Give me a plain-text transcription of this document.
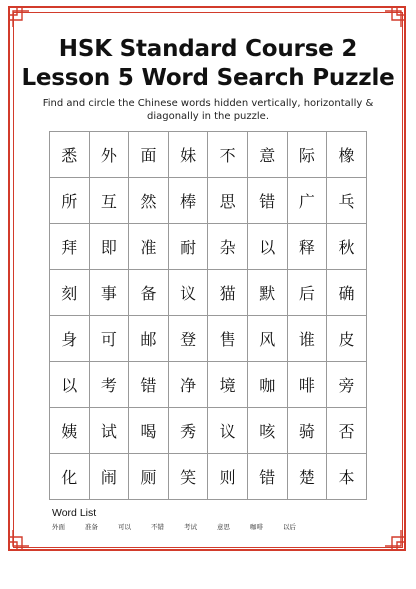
HSK Standard Course 2
Lesson 5 Word Search Puzzle
Find and circle the Chinese words hidden vertically, horizontally & diagonally in the puzzle.
悉	外	面	妹	不	意	际	橡
所	互	然	棒	思	错	广	乓
拜	即	准	耐	杂	以	释	秋
刻	事	备	议	猫	默	后	确
身	可	邮	登	售	风	谁	皮
以	考	错	净	境	咖	啡	旁
姨	试	喝	秀	议	咳	骑	否
化	闹	厕	笑	则	错	楚	本
Word List
外面	准备	可以	不错	考试	意思	咖啡	以后
